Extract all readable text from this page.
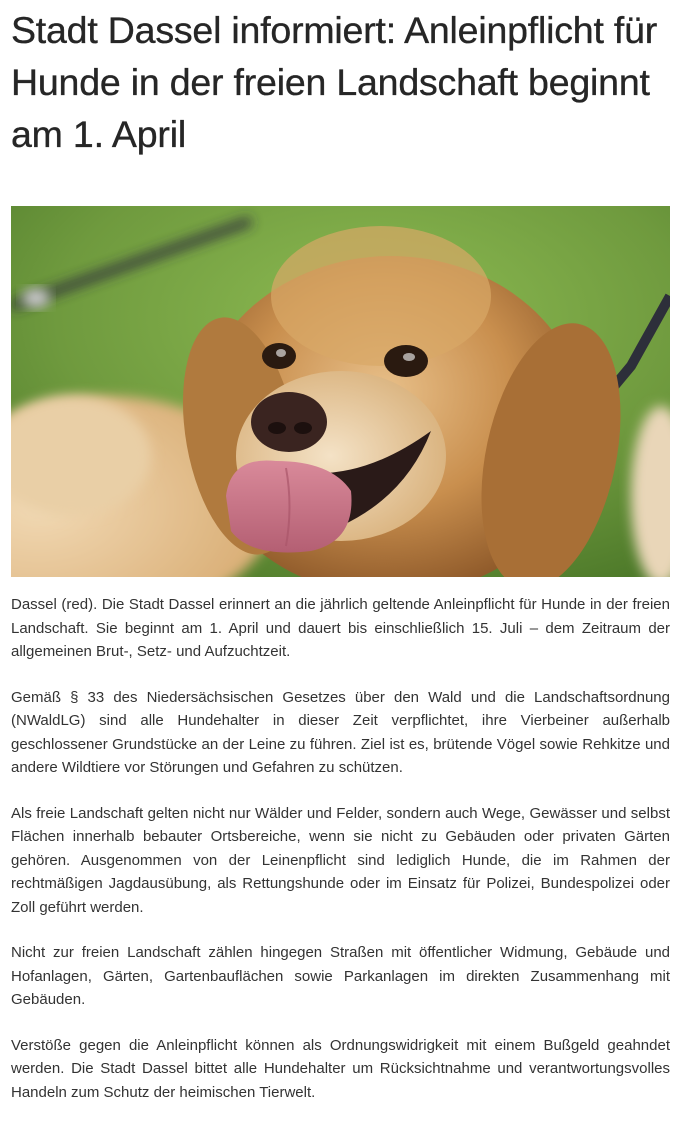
Stadt Dassel informiert: Anleinpflicht für Hunde in der freien Landschaft beginnt am 1. April

Dassel (red). Die Stadt Dassel erinnert an die jährlich geltende Anleinpflicht für Hunde in der freien Landschaft. Sie beginnt am 1. April und dauert bis einschließlich 15. Juli – dem Zeitraum der allgemeinen Brut-, Setz- und Aufzuchtzeit.

Gemäß § 33 des Niedersächsischen Gesetzes über den Wald und die Landschaftsordnung (NWaldLG) sind alle Hundehalter in dieser Zeit verpflichtet, ihre Vierbeiner außerhalb geschlossener Grundstücke an der Leine zu führen. Ziel ist es, brütende Vögel sowie Rehkitze und andere Wildtiere vor Störungen und Gefahren zu schützen.

Als freie Landschaft gelten nicht nur Wälder und Felder, sondern auch Wege, Gewässer und selbst Flächen innerhalb bebauter Ortsbereiche, wenn sie nicht zu Gebäuden oder privaten Gärten gehören. Ausgenommen von der Leinenpflicht sind lediglich Hunde, die im Rahmen der rechtmäßigen Jagdausübung, als Rettungshunde oder im Einsatz für Polizei, Bundespolizei oder Zoll geführt werden.

Nicht zur freien Landschaft zählen hingegen Straßen mit öffentlicher Widmung, Gebäude und Hofanlagen, Gärten, Gartenbauflächen sowie Parkanlagen im direkten Zusammenhang mit Gebäuden.

Verstöße gegen die Anleinpflicht können als Ordnungswidrigkeit mit einem Bußgeld geahndet werden. Die Stadt Dassel bittet alle Hundehalter um Rücksichtnahme und verantwortungsvolles Handeln zum Schutz der heimischen Tierwelt.
